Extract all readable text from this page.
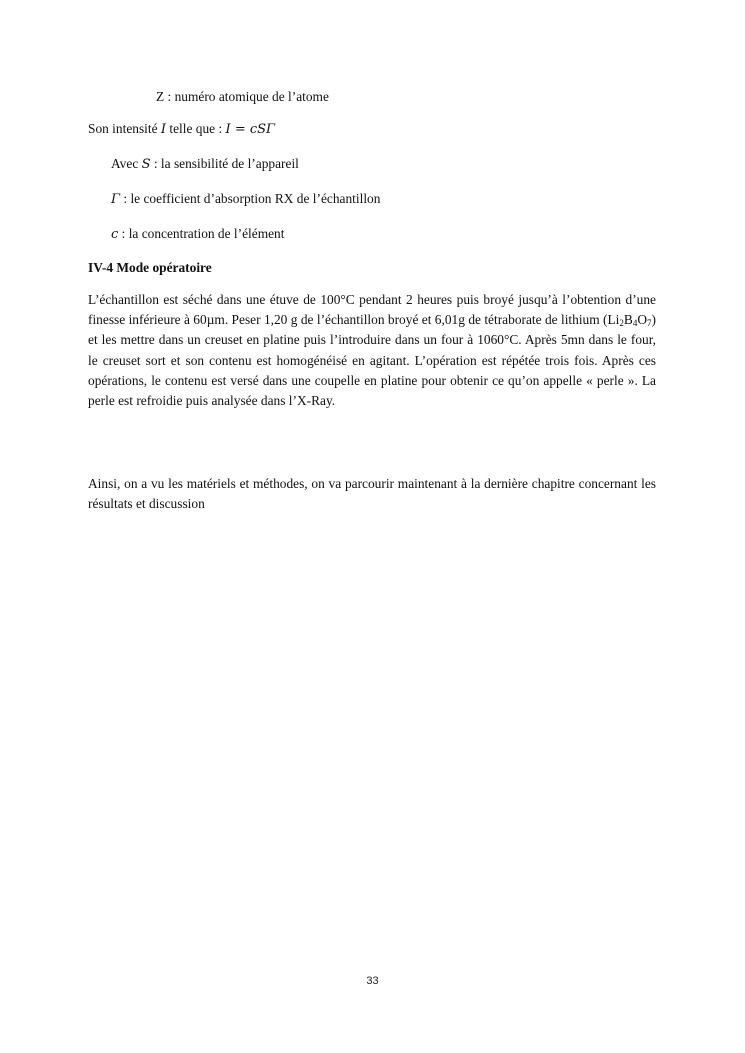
Z : numéro atomique de l’atome
Son intensité I telle que : I = cSΓ
Avec S : la sensibilité de l’appareil
Γ : le coefficient d’absorption RX de l’échantillon
c : la concentration de l’élément
IV-4 Mode opératoire
L’échantillon est séché dans une étuve de 100°C pendant 2 heures puis broyé jusqu’à l’obtention d’une finesse inférieure à 60µm. Peser 1,20 g de l’échantillon broyé et 6,01g de tétraborate de lithium $(Li_2B_4O_7)$ et les mettre dans un creuset en platine puis l’introduire dans un four à 1060°C. Après 5mn dans le four, le creuset sort et son contenu est homogénéisé en agitant. L’opération est répétée trois fois. Après ces opérations, le contenu est versé dans une coupelle en platine pour obtenir ce qu’on appelle « perle ». La perle est refroidie puis analysée dans l’X-Ray.
Ainsi, on a vu les matériels et méthodes, on va parcourir maintenant à la dernière chapitre concernant les résultats et discussion
33
